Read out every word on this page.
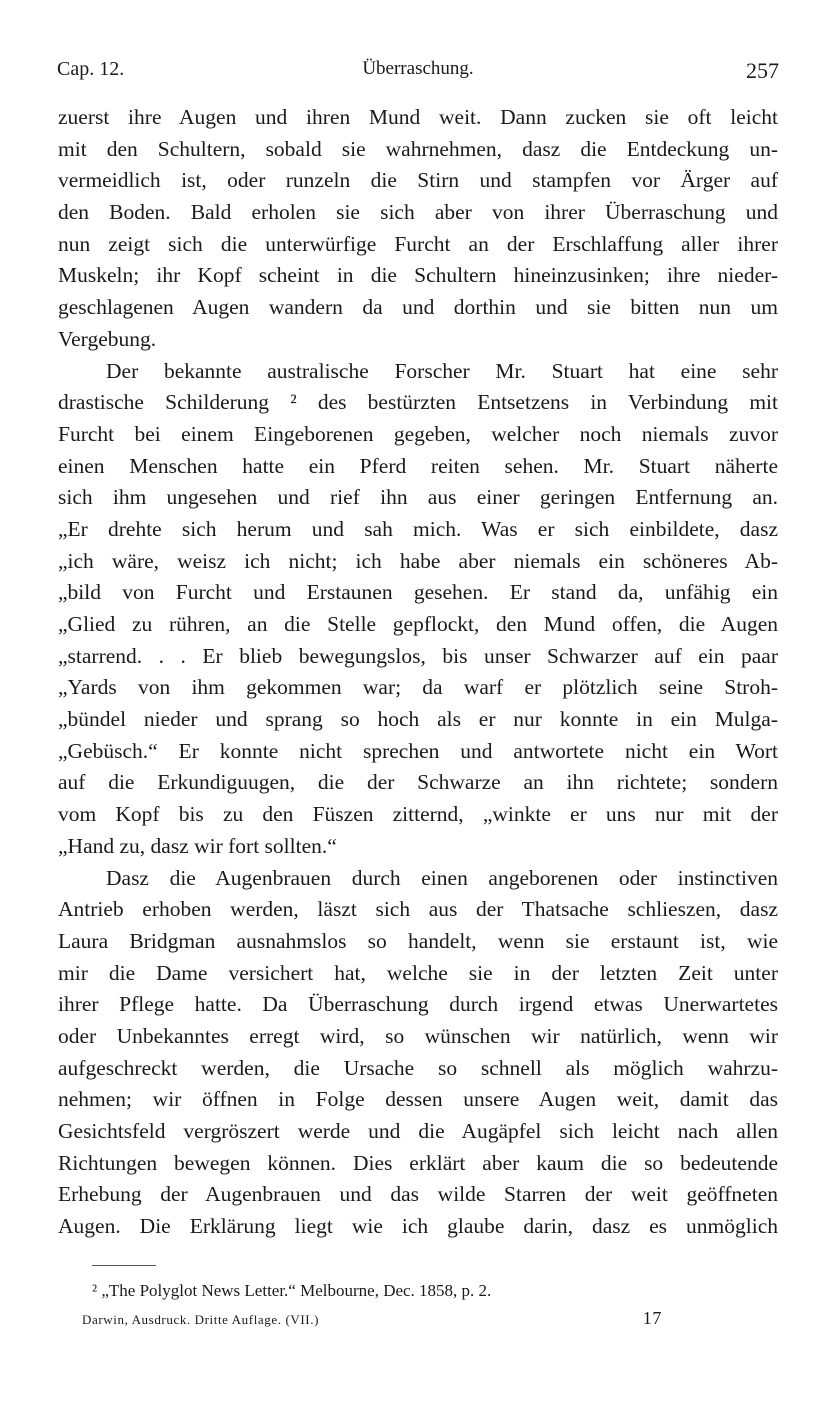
Cap. 12.	Überraschung.	257
zuerst ihre Augen und ihren Mund weit. Dann zucken sie oft leicht
mit den Schultern, sobald sie wahrnehmen, dasz die Entdeckung un-
vermeidlich ist, oder runzeln die Stirn und stampfen vor Ärger auf
den Boden. Bald erholen sie sich aber von ihrer Überraschung und
nun zeigt sich die unterwürfige Furcht an der Erschlaffung aller ihrer
Muskeln; ihr Kopf scheint in die Schultern hineinzusinken; ihre nieder-
geschlagenen Augen wandern da und dorthin und sie bitten nun um
Vergebung.
Der bekannte australische Forscher Mr. Stuart hat eine sehr
drastische Schilderung ² des bestürzten Entsetzens in Verbindung mit
Furcht bei einem Eingeborenen gegeben, welcher noch niemals zuvor
einen Menschen hatte ein Pferd reiten sehen. Mr. Stuart näherte
sich ihm ungesehen und rief ihn aus einer geringen Entfernung an.
„Er drehte sich herum und sah mich. Was er sich einbildete, dasz
„ich wäre, weisz ich nicht; ich habe aber niemals ein schöneres Ab-
„bild von Furcht und Erstaunen gesehen. Er stand da, unfähig ein
„Glied zu rühren, an die Stelle gepflockt, den Mund offen, die Augen
„starrend. . . Er blieb bewegungslos, bis unser Schwarzer auf ein paar
„Yards von ihm gekommen war; da warf er plötzlich seine Stroh-
„bündel nieder und sprang so hoch als er nur konnte in ein Mulga-
„Gebüsch.“ Er konnte nicht sprechen und antwortete nicht ein Wort
auf die Erkundiguugen, die der Schwarze an ihn richtete; sondern
vom Kopf bis zu den Füszen zitternd, „winkte er uns nur mit der
„Hand zu, dasz wir fort sollten.“
Dasz die Augenbrauen durch einen angeborenen oder instinctiven
Antrieb erhoben werden, läszt sich aus der Thatsache schlieszen, dasz
Laura Bridgman ausnahmslos so handelt, wenn sie erstaunt ist, wie
mir die Dame versichert hat, welche sie in der letzten Zeit unter
ihrer Pflege hatte. Da Überraschung durch irgend etwas Unerwartetes
oder Unbekanntes erregt wird, so wünschen wir natürlich, wenn wir
aufgeschreckt werden, die Ursache so schnell als möglich wahrzu-
nehmen; wir öffnen in Folge dessen unsere Augen weit, damit das
Gesichtsfeld vergröszert werde und die Augäpfel sich leicht nach allen
Richtungen bewegen können. Dies erklärt aber kaum die so bedeutende
Erhebung der Augenbrauen und das wilde Starren der weit geöffneten
Augen. Die Erklärung liegt wie ich glaube darin, dasz es unmöglich
² „The Polyglot News Letter.“ Melbourne, Dec. 1858, p. 2.
Darwin, Ausdruck. Dritte Auflage. (VII.)	17
